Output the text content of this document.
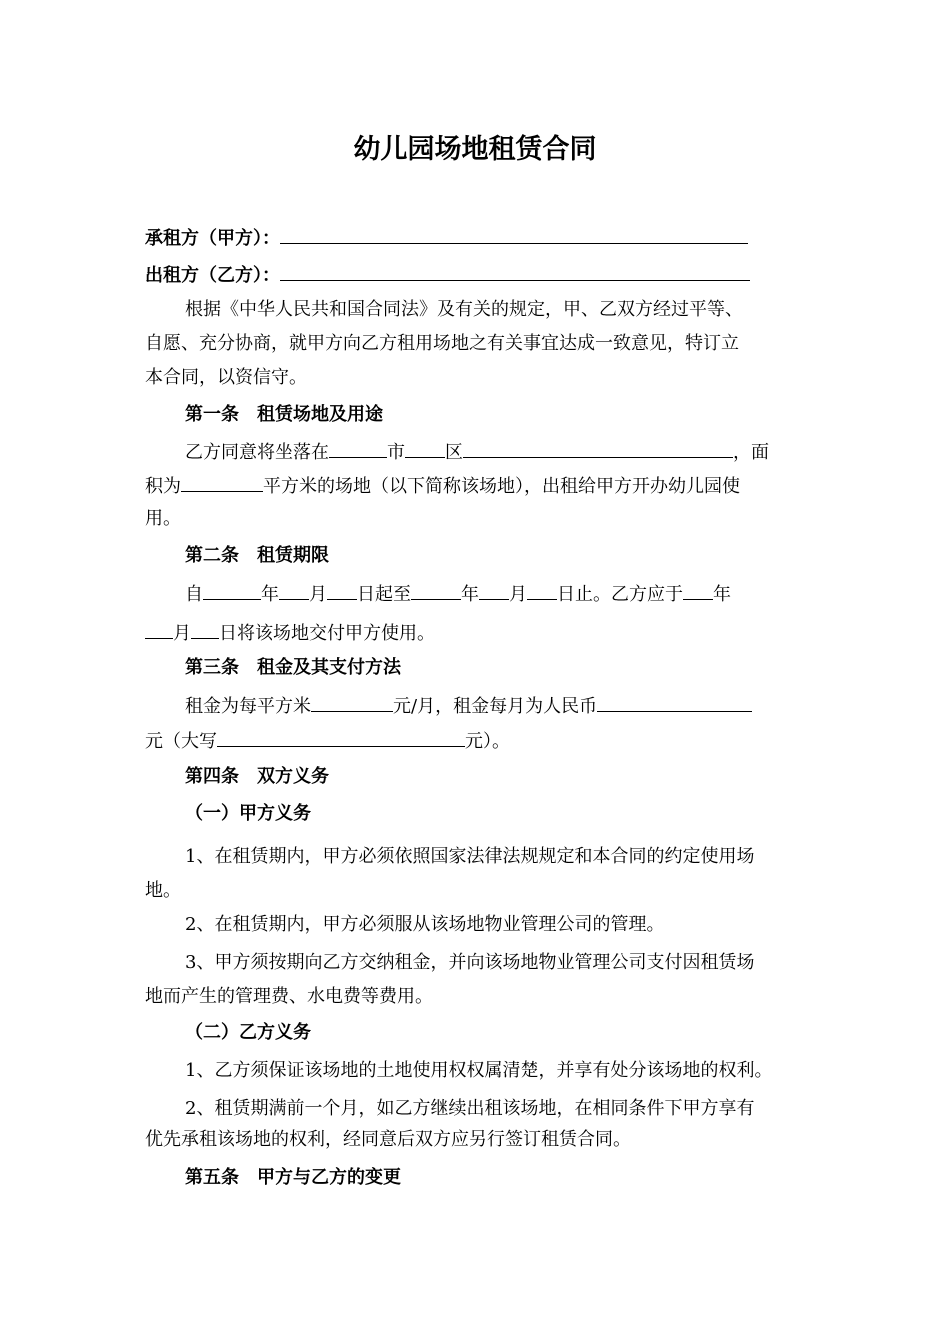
幼儿园场地租赁合同
承租方（甲方）：
出租方（乙方）：
根据《中华人民共和国合同法》及有关的规定，甲、乙双方经过平等、
自愿、充分协商，就甲方向乙方租用场地之有关事宜达成一致意见，特订立
本合同，以资信守。
第一条　租赁场地及用途
乙方同意将坐落在	市 区	，面
积为	平方米的场地（以下简称该场地），出租给甲方开办幼儿园使
用。
第二条　租赁期限
自	年 月 日起至	年 月 日止。乙方应于 年
月 日将该场地交付甲方使用。
第三条　租金及其支付方法
租金为每平方米	元/月，租金每月为人民币
元（大写	元）。
第四条　双方义务
（一）甲方义务
1、在租赁期内，甲方必须依照国家法律法规规定和本合同的约定使用场
地。
2、在租赁期内，甲方必须服从该场地物业管理公司的管理。
3、甲方须按期向乙方交纳租金，并向该场地物业管理公司支付因租赁场
地而产生的管理费、水电费等费用。
（二）乙方义务
1、乙方须保证该场地的土地使用权权属清楚，并享有处分该场地的权利。
2、租赁期满前一个月，如乙方继续出租该场地，在相同条件下甲方享有
优先承租该场地的权利，经同意后双方应另行签订租赁合同。
第五条　甲方与乙方的变更
